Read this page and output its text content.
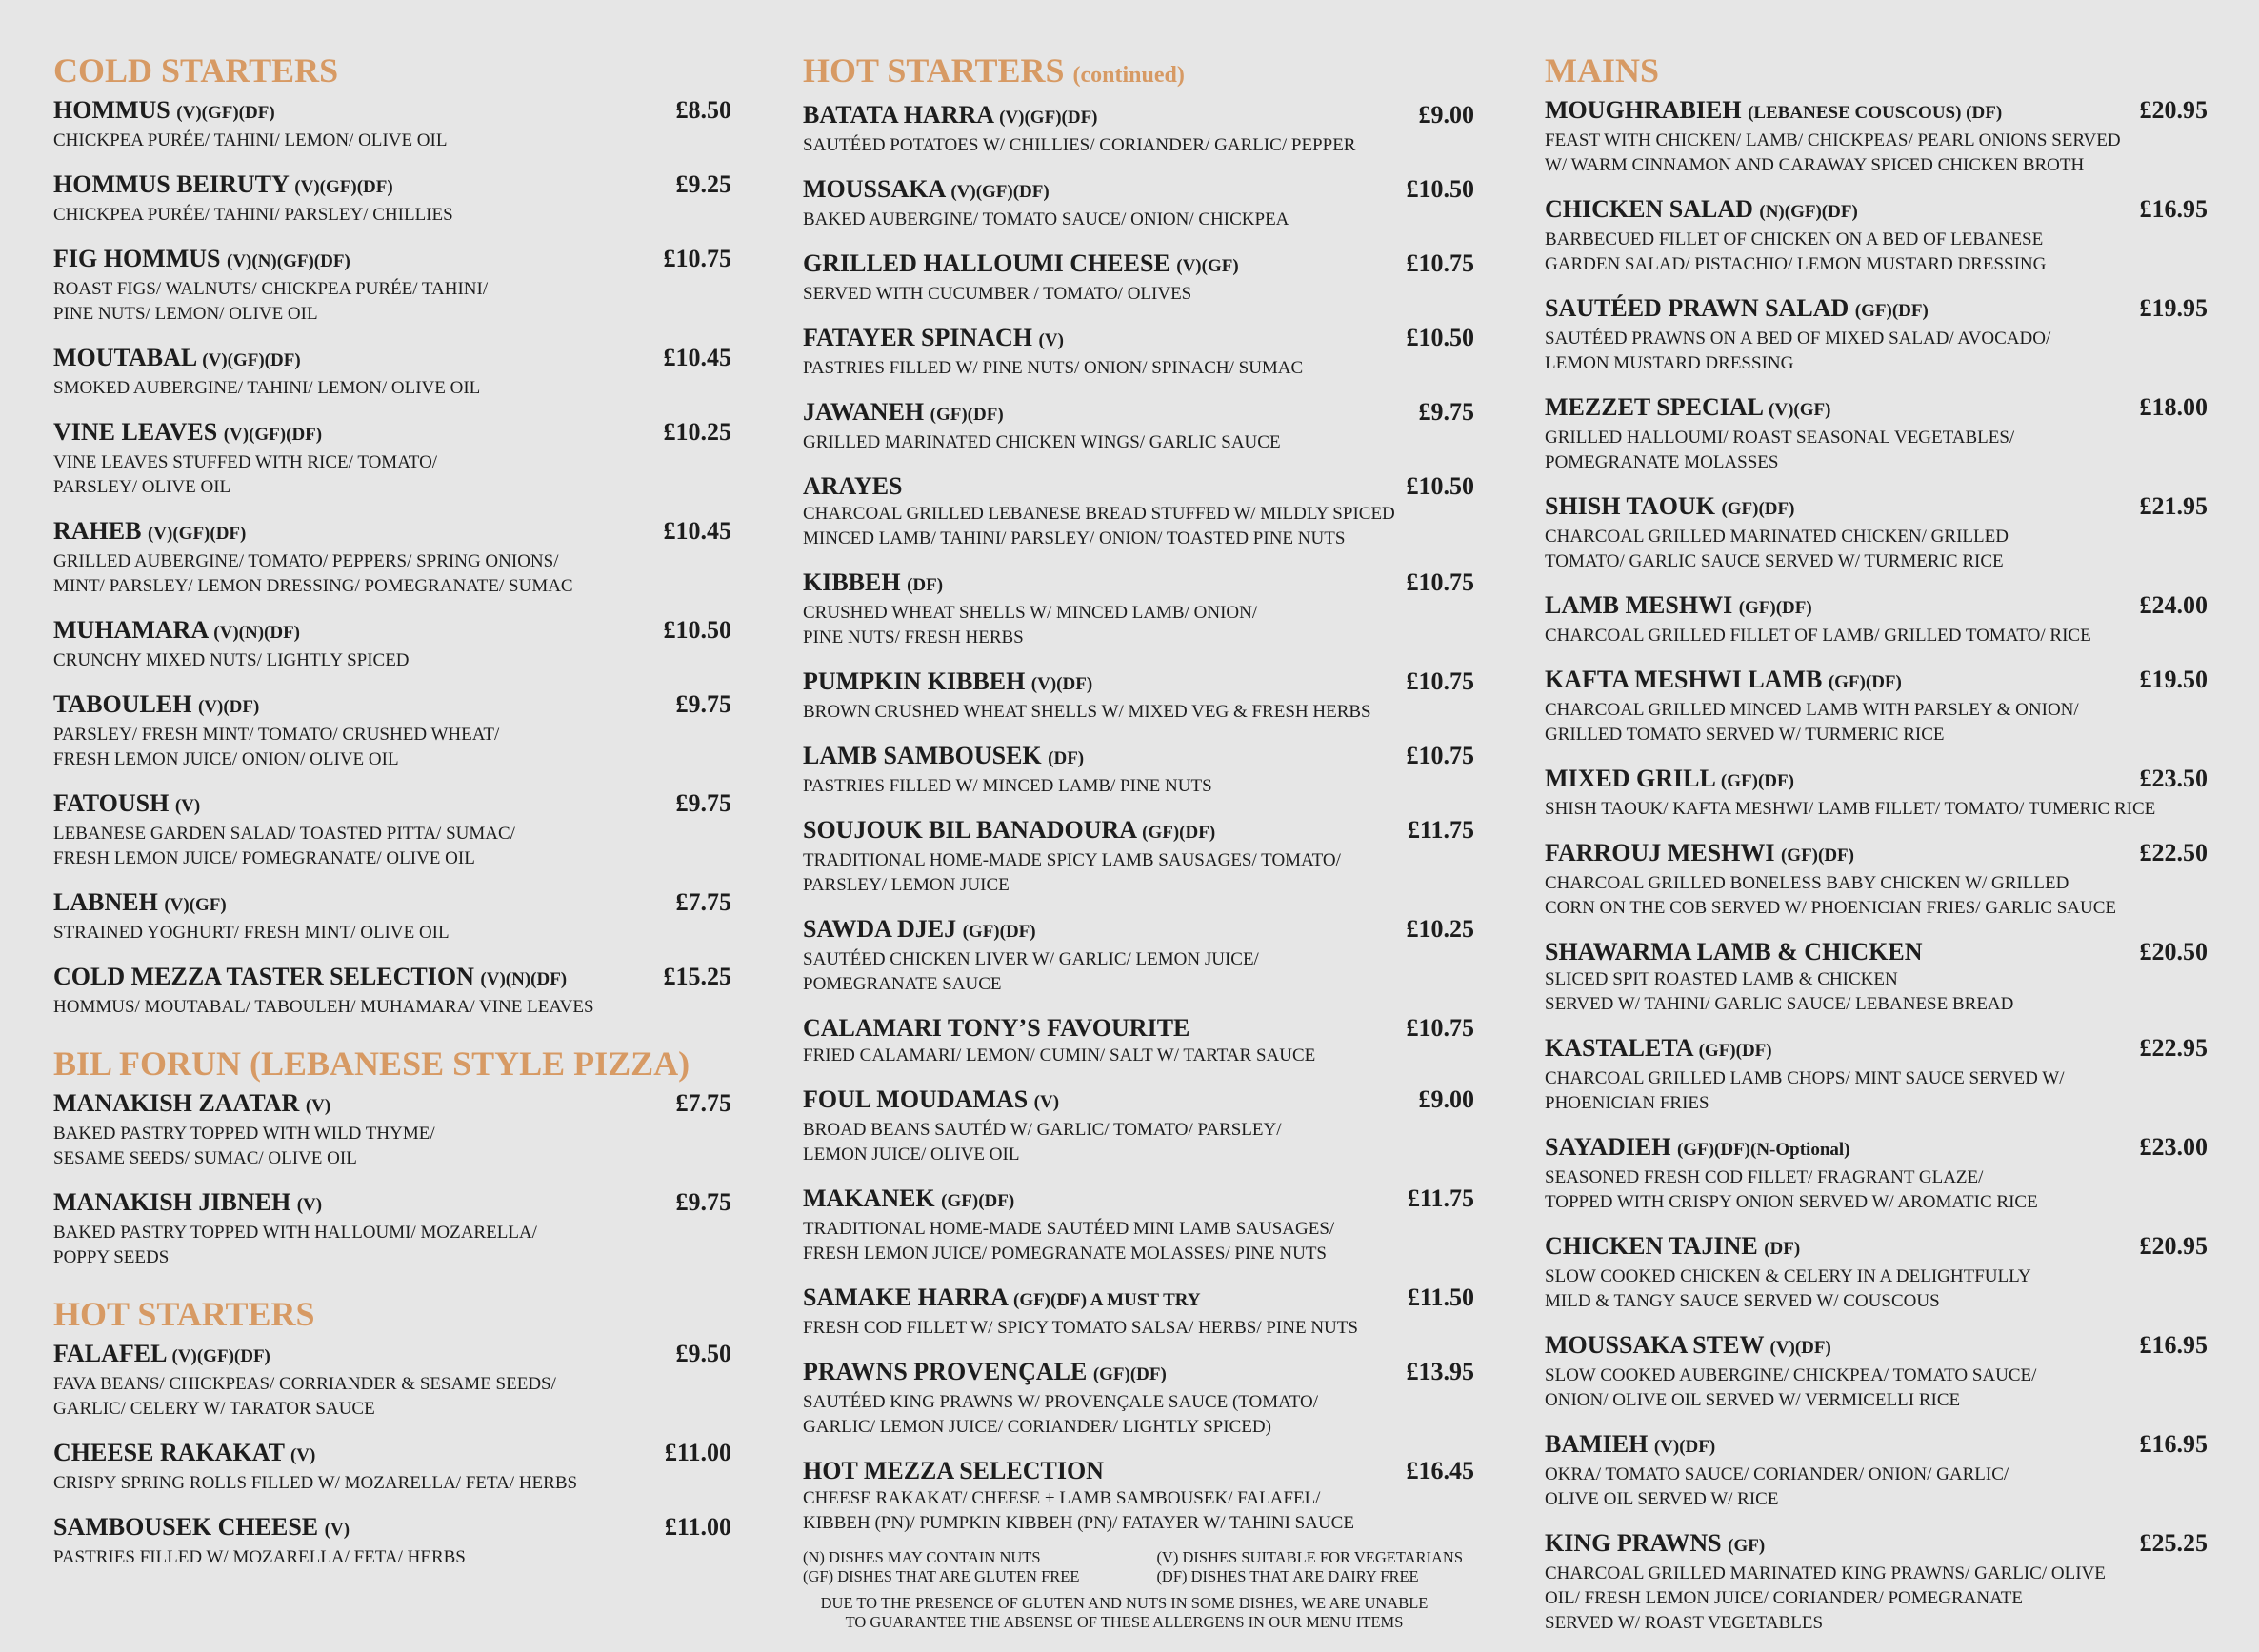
COLD STARTERS
HOMMUS (V)(GF)(DF)	£8.50
CHICKPEA PURÉE/ TAHINI/ LEMON/ OLIVE OIL
HOMMUS BEIRUTY (V)(GF)(DF)	£9.25
CHICKPEA PURÉE/ TAHINI/ PARSLEY/ CHILLIES
FIG HOMMUS (V)(N)(GF)(DF)	£10.75
ROAST FIGS/ WALNUTS/ CHICKPEA PURÉE/ TAHINI/
PINE NUTS/ LEMON/ OLIVE OIL
MOUTABAL (V)(GF)(DF)	£10.45
SMOKED AUBERGINE/ TAHINI/ LEMON/ OLIVE OIL
VINE LEAVES (V)(GF)(DF)	£10.25
VINE LEAVES STUFFED WITH RICE/ TOMATO/
PARSLEY/ OLIVE OIL
RAHEB (V)(GF)(DF)	£10.45
GRILLED AUBERGINE/ TOMATO/ PEPPERS/ SPRING ONIONS/
MINT/ PARSLEY/ LEMON DRESSING/ POMEGRANATE/ SUMAC
MUHAMARA (V)(N)(DF)	£10.50
CRUNCHY MIXED NUTS/ LIGHTLY SPICED
TABOULEH (V)(DF)	£9.75
PARSLEY/ FRESH MINT/ TOMATO/ CRUSHED WHEAT/
FRESH LEMON JUICE/ ONION/ OLIVE OIL
FATOUSH (V)	£9.75
LEBANESE GARDEN SALAD/ TOASTED PITTA/ SUMAC/
FRESH LEMON JUICE/ POMEGRANATE/ OLIVE OIL
LABNEH (V)(GF)	£7.75
STRAINED YOGHURT/ FRESH MINT/ OLIVE OIL
COLD MEZZA TASTER SELECTION (V)(N)(DF)	£15.25
HOMMUS/ MOUTABAL/ TABOULEH/ MUHAMARA/ VINE LEAVES
BIL FORUN (LEBANESE STYLE PIZZA)
MANAKISH ZAATAR (V)	£7.75
BAKED PASTRY TOPPED WITH WILD THYME/
SESAME SEEDS/ SUMAC/ OLIVE OIL
MANAKISH JIBNEH (V)	£9.75
BAKED PASTRY TOPPED WITH HALLOUMI/ MOZARELLA/
POPPY SEEDS
HOT STARTERS
FALAFEL (V)(GF)(DF)	£9.50
FAVA BEANS/ CHICKPEAS/ CORRIANDER & SESAME SEEDS/
GARLIC/ CELERY W/ TARATOR SAUCE
CHEESE RAKAKAT (V)	£11.00
CRISPY SPRING ROLLS FILLED W/ MOZARELLA/ FETA/ HERBS
SAMBOUSEK CHEESE (V)	£11.00
PASTRIES FILLED W/ MOZARELLA/ FETA/ HERBS
HOT STARTERS (continued)
BATATA HARRA (V)(GF)(DF)	£9.00
SAUTÉED POTATOES W/ CHILLIES/ CORIANDER/ GARLIC/ PEPPER
MOUSSAKA (V)(GF)(DF)	£10.50
BAKED AUBERGINE/ TOMATO SAUCE/ ONION/ CHICKPEA
GRILLED HALLOUMI CHEESE (V)(GF)	£10.75
SERVED WITH CUCUMBER / TOMATO/ OLIVES
FATAYER SPINACH (V)	£10.50
PASTRIES FILLED W/ PINE NUTS/ ONION/ SPINACH/ SUMAC
JAWANEH (GF)(DF)	£9.75
GRILLED MARINATED CHICKEN WINGS/ GARLIC SAUCE
ARAYES	£10.50
CHARCOAL GRILLED LEBANESE BREAD STUFFED W/ MILDLY SPICED
MINCED LAMB/ TAHINI/ PARSLEY/ ONION/ TOASTED PINE NUTS
KIBBEH (DF)	£10.75
CRUSHED WHEAT SHELLS W/ MINCED LAMB/ ONION/
PINE NUTS/ FRESH HERBS
PUMPKIN KIBBEH (V)(DF)	£10.75
BROWN CRUSHED WHEAT SHELLS W/ MIXED VEG & FRESH HERBS
LAMB SAMBOUSEK (DF)	£10.75
PASTRIES FILLED W/ MINCED LAMB/ PINE NUTS
SOUJOUK BIL BANADOURA (GF)(DF)	£11.75
TRADITIONAL HOME-MADE SPICY LAMB SAUSAGES/ TOMATO/
PARSLEY/ LEMON JUICE
SAWDA DJEJ (GF)(DF)	£10.25
SAUTÉED CHICKEN LIVER W/ GARLIC/ LEMON JUICE/
POMEGRANATE SAUCE
CALAMARI TONY’S FAVOURITE	£10.75
FRIED CALAMARI/ LEMON/ CUMIN/ SALT W/ TARTAR SAUCE
FOUL MOUDAMAS (V)	£9.00
BROAD BEANS SAUTÉD W/ GARLIC/ TOMATO/ PARSLEY/
LEMON JUICE/ OLIVE OIL
MAKANEK (GF)(DF)	£11.75
TRADITIONAL HOME-MADE SAUTÉED MINI LAMB SAUSAGES/
FRESH LEMON JUICE/ POMEGRANATE MOLASSES/ PINE NUTS
SAMAKE HARRA (GF)(DF) A MUST TRY	£11.50
FRESH COD FILLET W/ SPICY TOMATO SALSA/ HERBS/ PINE NUTS
PRAWNS PROVENÇALE (GF)(DF)	£13.95
SAUTÉED KING PRAWNS W/ PROVENÇALE SAUCE (TOMATO/
GARLIC/ LEMON JUICE/ CORIANDER/ LIGHTLY SPICED)
HOT MEZZA SELECTION	£16.45
CHEESE RAKAKAT/ CHEESE + LAMB SAMBOUSEK/ FALAFEL/
KIBBEH (PN)/ PUMPKIN KIBBEH (PN)/ FATAYER W/ TAHINI SAUCE
(N) DISHES MAY CONTAIN NUTS
(GF) DISHES THAT ARE GLUTEN FREE
(V) DISHES SUITABLE FOR VEGETARIANS
(DF) DISHES THAT ARE DAIRY FREE
DUE TO THE PRESENCE OF GLUTEN AND NUTS IN SOME DISHES, WE ARE UNABLE
TO GUARANTEE THE ABSENSE OF THESE ALLERGENS IN OUR MENU ITEMS
MAINS
MOUGHRABIEH (LEBANESE COUSCOUS) (DF)	£20.95
FEAST WITH CHICKEN/ LAMB/ CHICKPEAS/ PEARL ONIONS SERVED
W/ WARM CINNAMON AND CARAWAY SPICED CHICKEN BROTH
CHICKEN SALAD (N)(GF)(DF)	£16.95
BARBECUED FILLET OF CHICKEN ON A BED OF LEBANESE
GARDEN SALAD/ PISTACHIO/ LEMON MUSTARD DRESSING
SAUTÉED PRAWN SALAD (GF)(DF)	£19.95
SAUTÉED PRAWNS ON A BED OF MIXED SALAD/ AVOCADO/
LEMON MUSTARD DRESSING
MEZZET SPECIAL (V)(GF)	£18.00
GRILLED HALLOUMI/ ROAST SEASONAL VEGETABLES/
POMEGRANATE MOLASSES
SHISH TAOUK (GF)(DF)	£21.95
CHARCOAL GRILLED MARINATED CHICKEN/ GRILLED
TOMATO/ GARLIC SAUCE SERVED W/ TURMERIC RICE
LAMB MESHWI (GF)(DF)	£24.00
CHARCOAL GRILLED FILLET OF LAMB/ GRILLED TOMATO/ RICE
KAFTA MESHWI LAMB (GF)(DF)	£19.50
CHARCOAL GRILLED MINCED LAMB WITH PARSLEY & ONION/
GRILLED TOMATO SERVED W/ TURMERIC RICE
MIXED GRILL (GF)(DF)	£23.50
SHISH TAOUK/ KAFTA MESHWI/ LAMB FILLET/ TOMATO/ TUMERIC RICE
FARROUJ MESHWI (GF)(DF)	£22.50
CHARCOAL GRILLED BONELESS BABY CHICKEN W/ GRILLED
CORN ON THE COB SERVED W/ PHOENICIAN FRIES/ GARLIC SAUCE
SHAWARMA LAMB & CHICKEN	£20.50
SLICED SPIT ROASTED LAMB & CHICKEN
SERVED W/ TAHINI/ GARLIC SAUCE/ LEBANESE BREAD
KASTALETA (GF)(DF)	£22.95
CHARCOAL GRILLED LAMB CHOPS/ MINT SAUCE SERVED W/
PHOENICIAN FRIES
SAYADIEH (GF)(DF)(N-Optional)	£23.00
SEASONED FRESH COD FILLET/ FRAGRANT GLAZE/
TOPPED WITH CRISPY ONION SERVED W/ AROMATIC RICE
CHICKEN TAJINE (DF)	£20.95
SLOW COOKED CHICKEN & CELERY IN A DELIGHTFULLY
MILD & TANGY SAUCE SERVED W/ COUSCOUS
MOUSSAKA STEW (V)(DF)	£16.95
SLOW COOKED AUBERGINE/ CHICKPEA/ TOMATO SAUCE/
ONION/ OLIVE OIL SERVED W/ VERMICELLI RICE
BAMIEH (V)(DF)	£16.95
OKRA/ TOMATO SAUCE/ CORIANDER/ ONION/ GARLIC/
OLIVE OIL SERVED W/ RICE
KING PRAWNS (GF)	£25.25
CHARCOAL GRILLED MARINATED KING PRAWNS/ GARLIC/ OLIVE
OIL/ FRESH LEMON JUICE/ CORIANDER/ POMEGRANATE
SERVED W/ ROAST VEGETABLES
